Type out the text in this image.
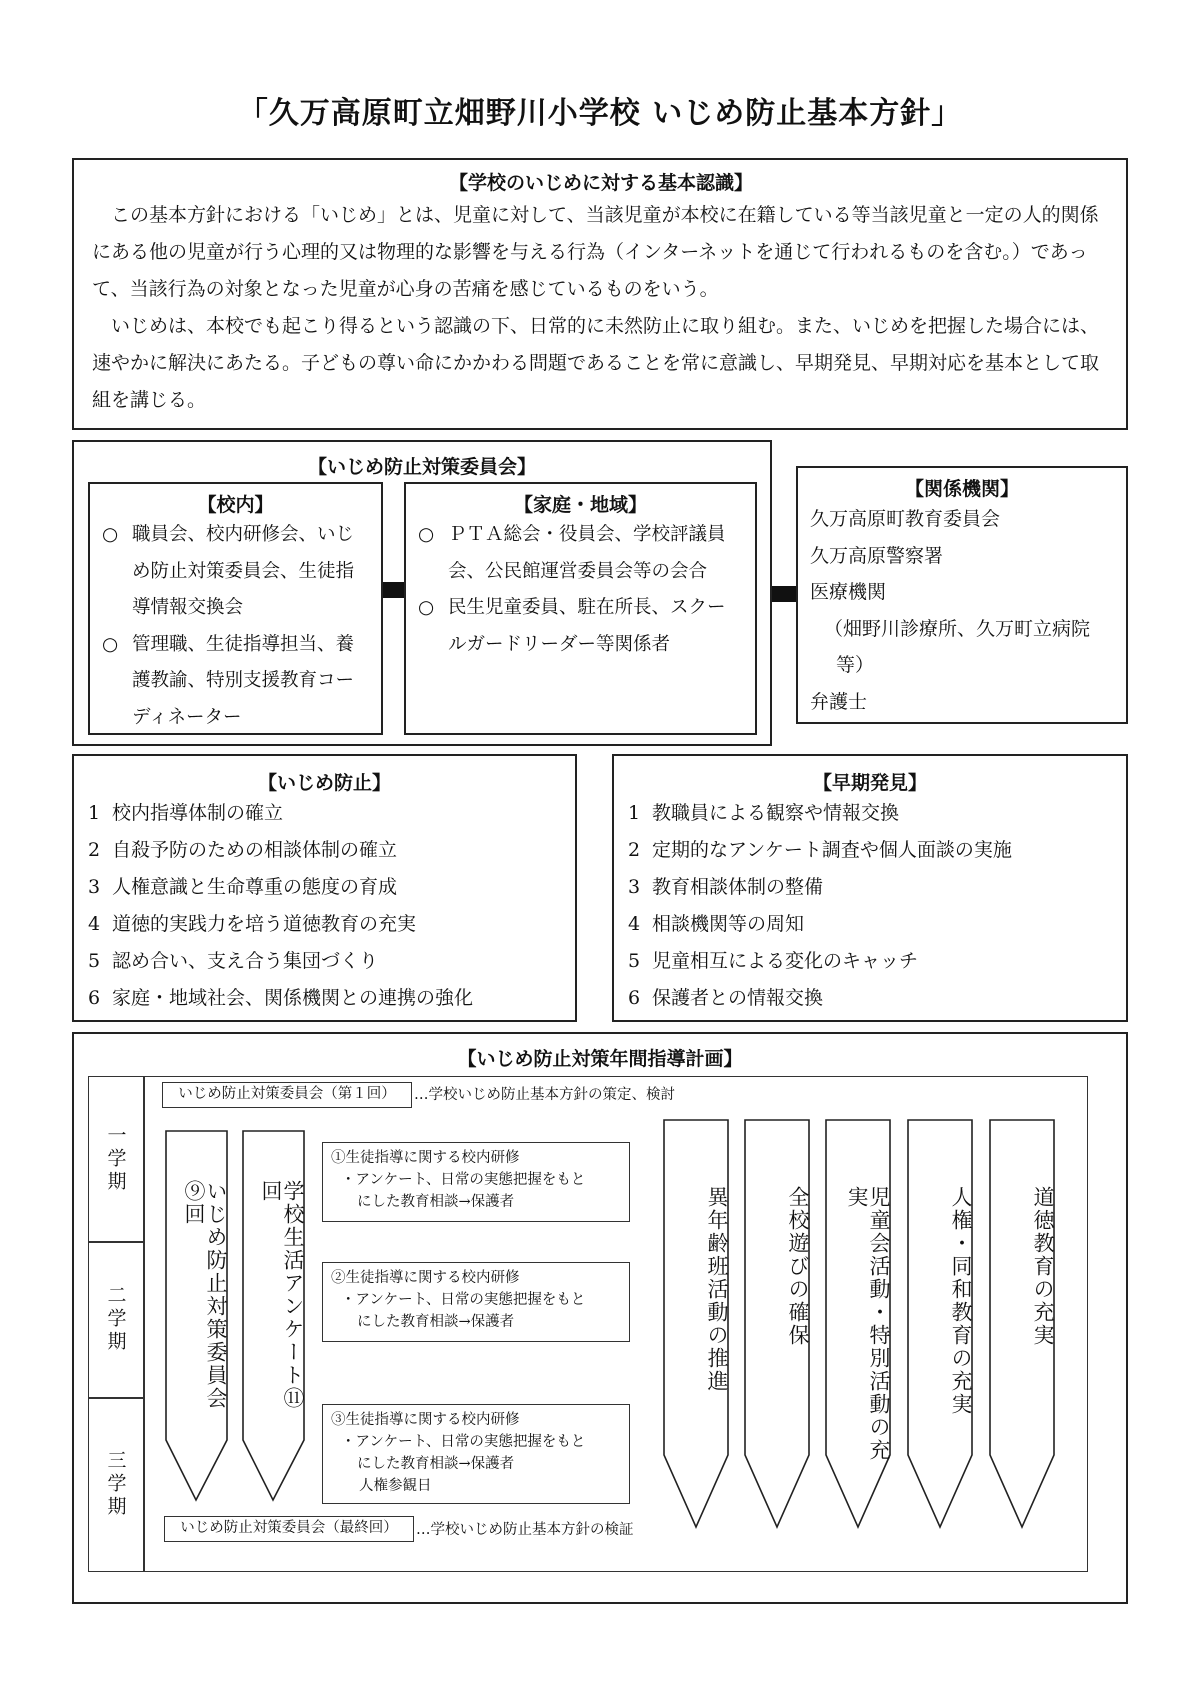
「久万高原町立畑野川小学校 いじめ防止基本方針」
【学校のいじめに対する基本認識】

この基本方針における「いじめ」とは、児童に対して、当該児童が本校に在籍している等当該児童と一定の人的関係にある他の児童が行う心理的又は物理的な影響を与える行為（インターネットを通じて行われるものを含む。）であって、当該行為の対象となった児童が心身の苦痛を感じているものをいう。

いじめは、本校でも起こり得るという認識の下、日常的に未然防止に取り組む。また、いじめを把握した場合には、速やかに解決にあたる。子どもの尊い命にかかわる問題であることを常に意識し、早期発見、早期対応を基本として取組を講じる。

【いじめ防止対策委員会】
【校内】
○ 職員会、校内研修会、いじめ防止対策委員会、生徒指導情報交換会
○ 管理職、生徒指導担当、養護教諭、特別支援教育コーディネーター
【家庭・地域】
○ ＰＴＡ総会・役員会、学校評議員会、公民館運営委員会等の会合
○ 民生児童委員、駐在所長、スクールガードリーダー等関係者
【関係機関】
久万高原町教育委員会
久万高原警察署
医療機関
（畑野川診療所、久万町立病院等）
弁護士
【いじめ防止】
1 校内指導体制の確立
2 自殺予防のための相談体制の確立
3 人権意識と生命尊重の態度の育成
4 道徳的実践力を培う道徳教育の充実
5 認め合い、支え合う集団づくり
6 家庭・地域社会、関係機関との連携の強化
【早期発見】
1 教職員による観察や情報交換
2 定期的なアンケート調査や個人面談の実施
3 教育相談体制の整備
4 相談機関等の周知
5 児童相互による変化のキャッチ
6 保護者との情報交換
【いじめ防止対策年間指導計画】
一学期
二学期
三学期
いじめ防止対策委員会（第１回）	…学校いじめ防止基本方針の策定、検討
いじめ防止対策委員会（最終回）	…学校いじめ防止基本方針の検証
いじめ防止対策委員会⑨回	学校生活アンケート⑪回	異年齢班活動の推進	全校遊びの確保	児童会活動・特別活動の充実	人権・同和教育の充実	道徳教育の充実
①生徒指導に関する校内研修
・アンケート、日常の実態把握をもと
にした教育相談→保護者
②生徒指導に関する校内研修
・アンケート、日常の実態把握をもと
にした教育相談→保護者
③生徒指導に関する校内研修
・アンケート、日常の実態把握をもと
にした教育相談→保護者
人権参観日
